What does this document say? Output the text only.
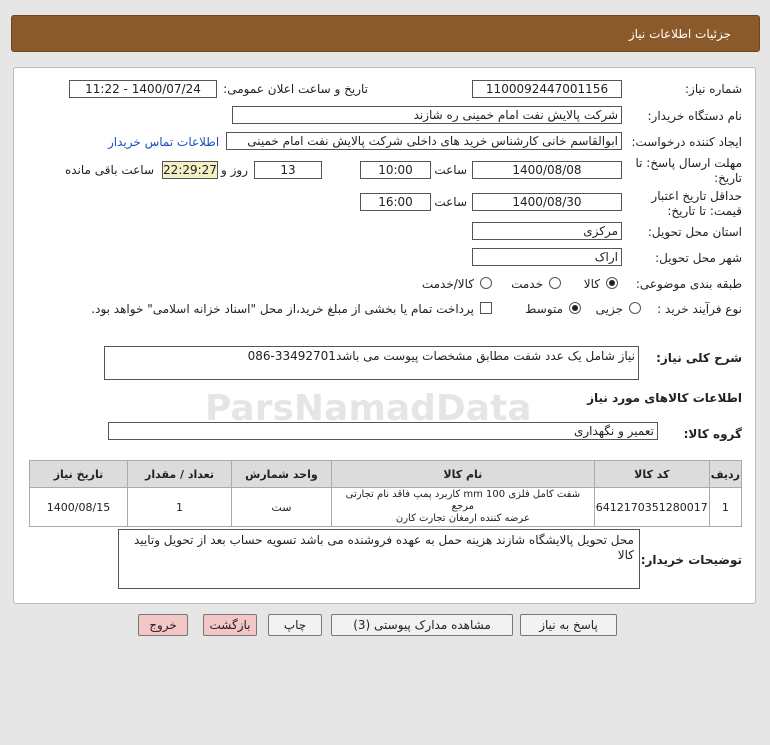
جزئیات اطلاعات نیاز
شماره نیاز:
1100092447001156
تاریخ و ساعت اعلان عمومی:
1400/07/24 - 11:22
نام دستگاه خریدار:
شرکت پالایش نفت امام خمینی ره شازند
ایجاد کننده درخواست:
ابوالقاسم خانی کارشناس خرید های داخلی شرکت پالایش نفت امام خمینی
اطلاعات تماس خریدار
مهلت ارسال پاسخ: تا
تاریخ:
1400/08/08
ساعت
10:00
13
روز و
22:29:27
ساعت باقی مانده
حداقل تاریخ اعتبار
قیمت: تا تاریخ:
1400/08/30
ساعت
16:00
استان محل تحویل:
مرکزی
شهر محل تحویل:
اراک
طبقه بندی موضوعی:
کالا
خدمت
کالا/خدمت
نوع فرآیند خرید :
جزیی
متوسط
پرداخت تمام یا بخشی از مبلغ خرید،از محل "اسناد خزانه اسلامی" خواهد بود.
شرح کلی نیاز:
نیاز شامل یک عدد شفت مطابق مشخصات پیوست می باشد33492701-086
اطلاعات کالاهای مورد نیاز
گروه کالا:
تعمیر و نگهداری
ردیف	کد کالا	نام کالا	واحد شمارش	تعداد / مقدار	تاریخ نیاز
1	6412170351280017	شفت کامل فلزی mm 100 کاربرد پمپ فاقد نام تجارتی مرجع
عرضه کننده ارمغان تجارت کارن	ست	1	1400/08/15
توضیحات خریدار:
محل تحویل پالایشگاه شازند هزینه حمل به عهده فروشنده می باشد تسویه حساب بعد از تحویل وتایید کالا
پاسخ به نیاز
مشاهده مدارک پیوستی (3)
چاپ
بازگشت
خروج
